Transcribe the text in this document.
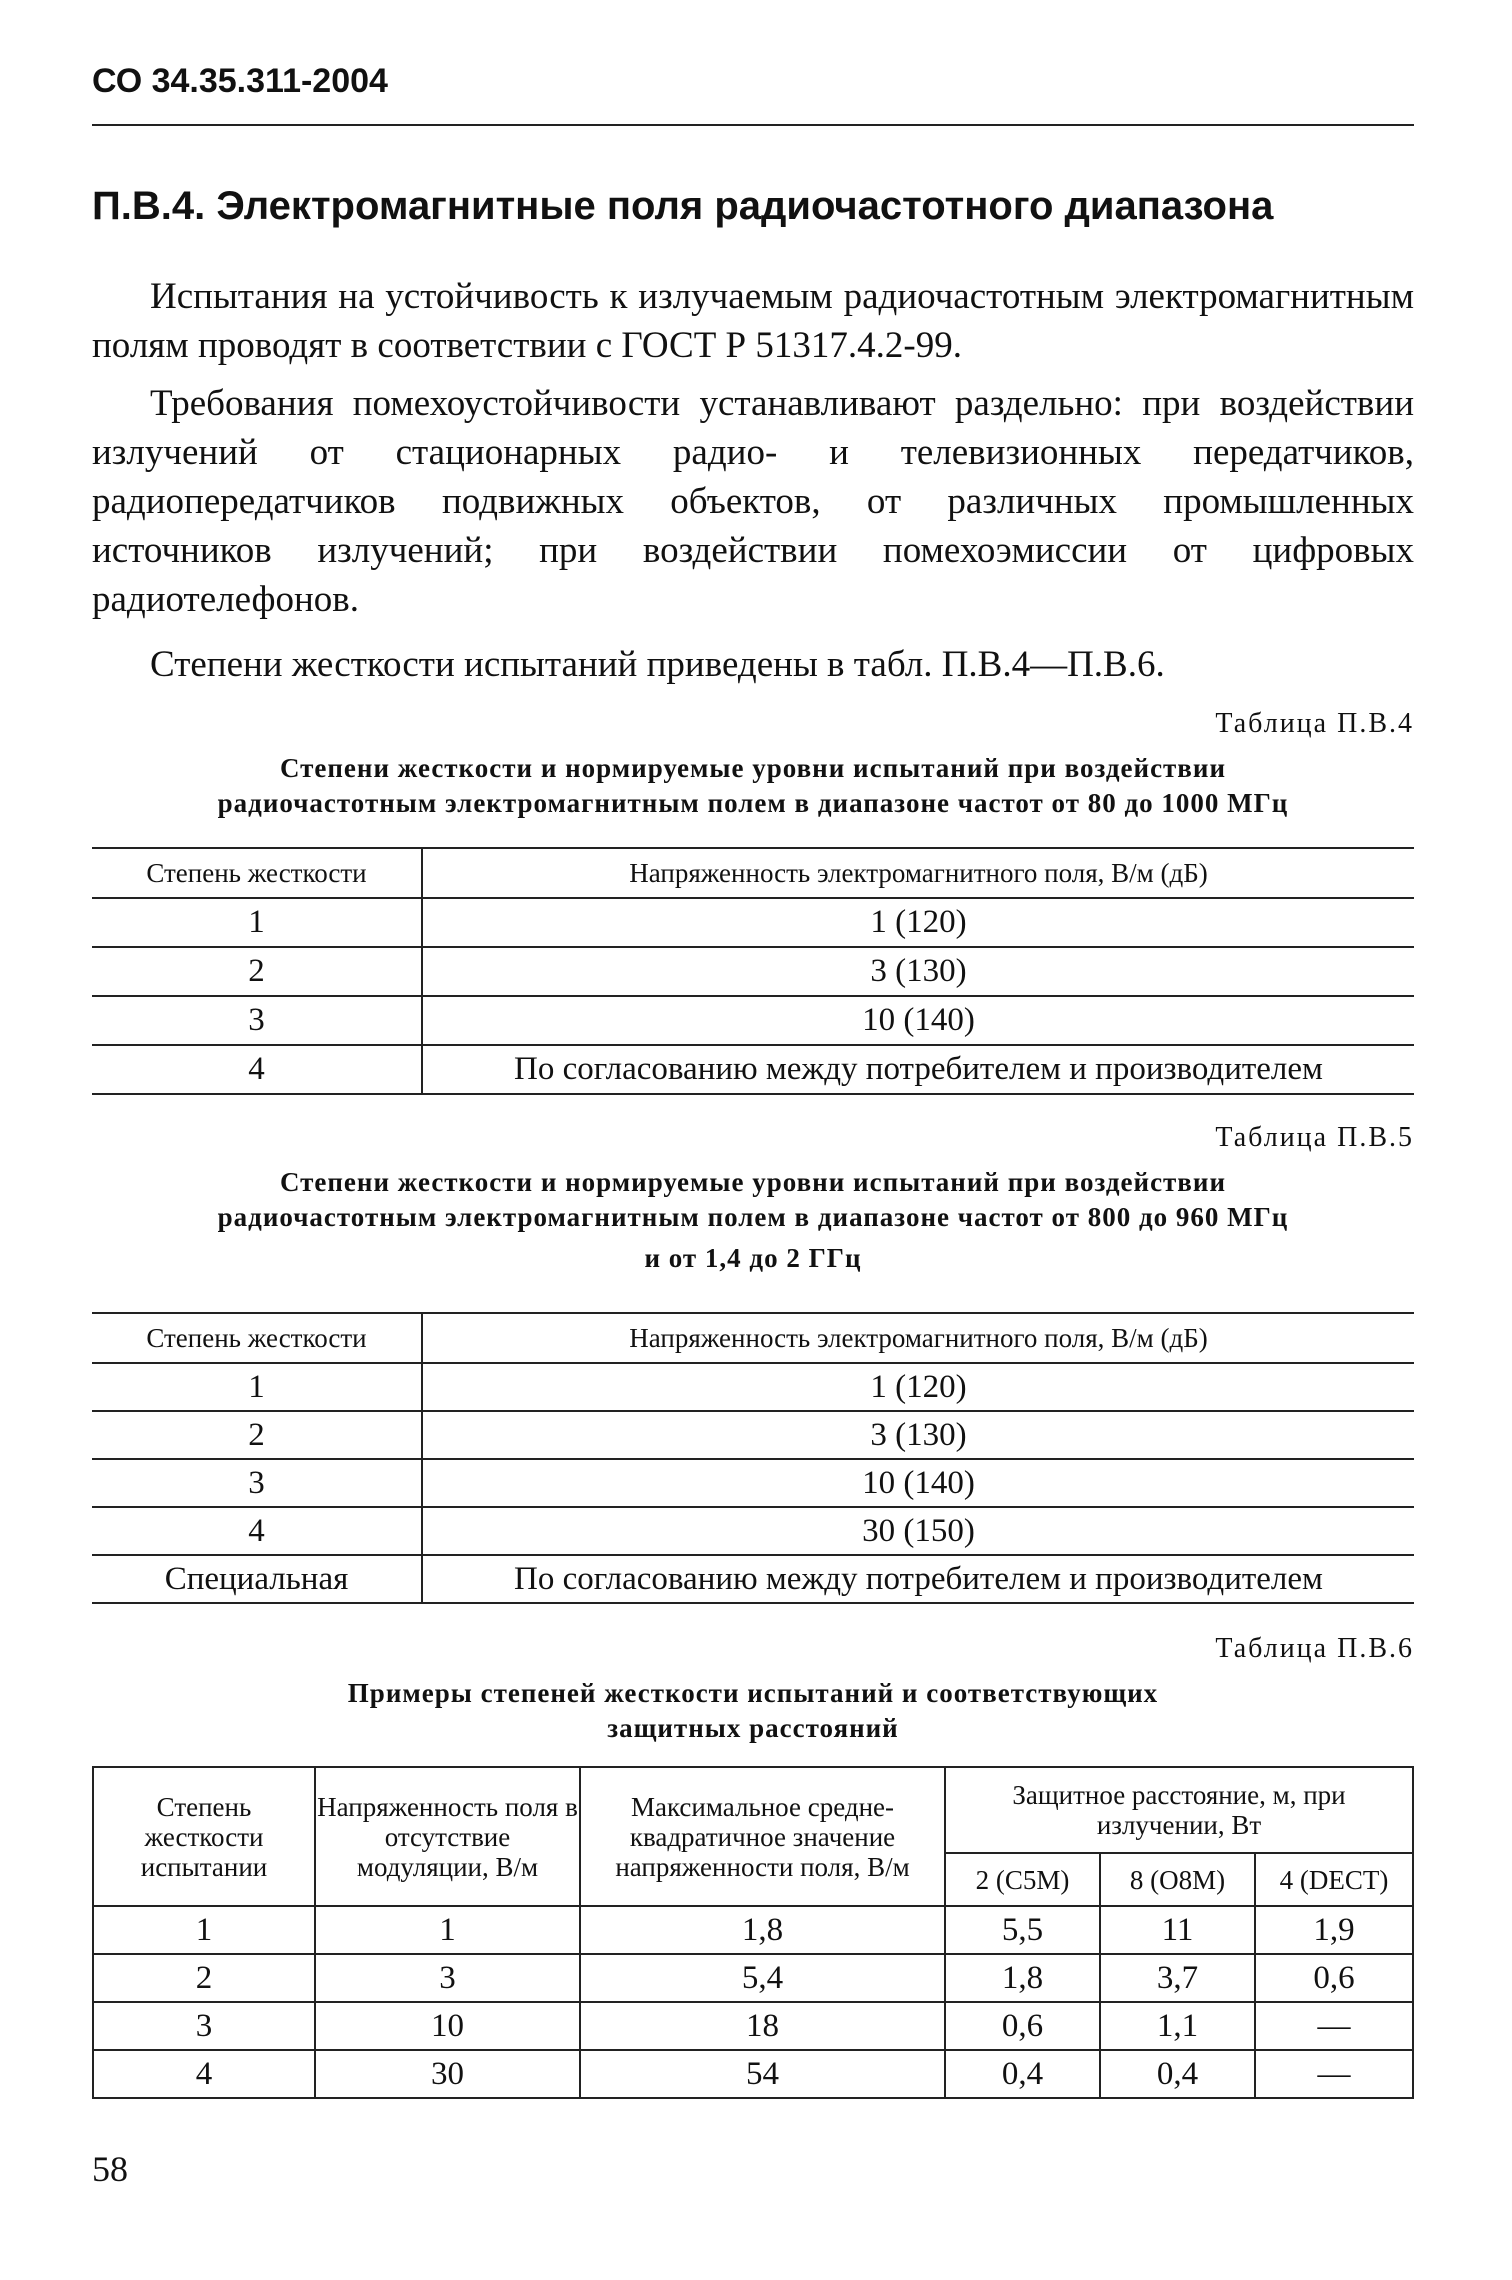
СО 34.35.311-2004
П.В.4. Электромагнитные поля радиочастотного диапазона
Испытания на устойчивость к излучаемым радиочастотным электромагнитным полям проводят в соответствии с ГОСТ Р 51317.4.2-99.
Требования помехоустойчивости устанавливают раздельно: при воздействии излучений от стационарных радио- и телевизионных передатчиков, радиопередатчиков подвижных объектов, от различных промышленных источников излучений; при воздействии помехоэмиссии от цифровых радиотелефонов.
Степени жесткости испытаний приведены в табл. П.В.4—П.В.6.
Таблица П.В.4
Степени жесткости и нормируемые уровни испытаний при воздействии
радиочастотным электромагнитным полем в диапазоне частот от 80 до 1000 МГц
Степень жесткости	Напряженность электромагнитного поля, В/м (дБ)
1	1 (120)
2	3 (130)
3	10 (140)
4	По согласованию между потребителем и производителем
Таблица П.В.5
Степени жесткости и нормируемые уровни испытаний при воздействии
радиочастотным электромагнитным полем в диапазоне частот от 800 до 960 МГц
и от 1,4 до 2 ГГц
Степень жесткости	Напряженность электромагнитного поля, В/м (дБ)
1	1 (120)
2	3 (130)
3	10 (140)
4	30 (150)
Специальная	По согласованию между потребителем и производителем
Таблица П.В.6
Примеры степеней жесткости испытаний и соответствующих
защитных расстояний
Степень жесткости испытании	Напряженность поля в отсутствие модуляции, В/м	Максимальное средне-квадратичное значение напряженности поля, В/м	Защитное расстояние, м, при излучении, Вт		
			2 (С5М)	8 (О8М)	4 (DECT)
1	1	1,8	5,5	11	1,9
2	3	5,4	1,8	3,7	0,6
3	10	18	0,6	1,1	—
4	30	54	0,4	0,4	—
58
